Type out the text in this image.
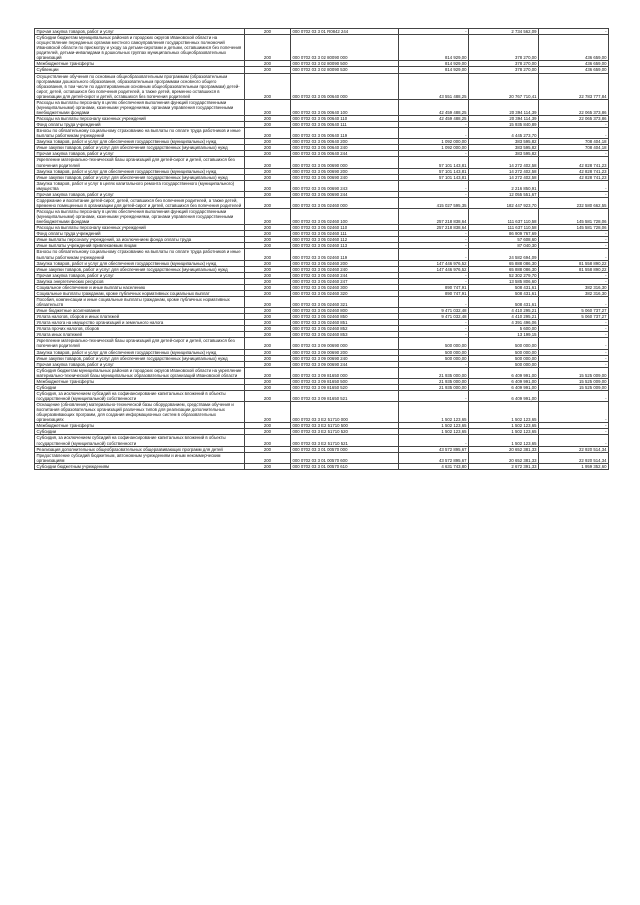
Прочая закупка товаров, работ и услуг	200	000 0702 03 3 01 R0842 244	-	2 734 562,09	-
Субсидии бюджетам муниципальных районов и городских округов Ивановской области на осуществление переданных органам местного самоуправления государственных полномочий Ивановской области по присмотру и уходу за детьми-сиротами и детьми, оставшимися без попечения родителей, детьми-инвалидами в дошкольных группах муниципальных общеобразовательных организаций	200	000 0702 03 3 02 80090 000	814 929,00	378 270,00	436 659,00
Межбюджетные трансферты	200	000 0702 03 3 02 80090 500	814 929,00	378 270,00	436 659,00
Субвенции	200	000 0702 03 3 02 80090 530	814 929,00	378 270,00	436 659,00
Осуществление обучения по основным общеобразовательным программам (образовательным программам дошкольного образования, образовательным программам основного общего образования, в том числе по адаптированным основным общеобразовательным программам) детей-сирот, детей, оставшихся без попечения родителей, а также детей, временно оставшихся в организации для детей-сирот и детей, оставшихся без попечения родителей	200	000 0702 03 3 05 00640 000	43 551 488,25	20 767 710,41	22 783 777,84
Расходы на выплаты персоналу в целях обеспечения выполнения функций государственными (муниципальными) органами, казенными учреждениями, органами управления государственными внебюджетными фондами	200	000 0702 03 3 05 00640 100	42 459 488,25	20 394 114,39	22 065 373,86
Расходы на выплаты персоналу казенных учреждений	200	000 0702 03 3 05 00640 110	42 459 488,25	20 394 114,39	22 065 373,86
Фонд оплаты труда учреждений	200	000 0702 03 3 05 00640 111	-	15 935 840,89	-
Взносы по обязательному социальному страхованию на выплаты по оплате труда работников и иные выплаты работникам учреждений	200	000 0702 03 3 05 00640 119	-	4 445 273,70	-
Закупка товаров, работ и услуг для обеспечения государственных (муниципальных) нужд	200	000 0702 03 3 05 00640 200	1 092 000,00	383 595,82	708 404,18
Иные закупки товаров, работ и услуг для обеспечения государственных (муниципальных) нужд	200	000 0702 03 3 05 00640 240	1 092 000,00	383 595,82	708 404,18
Прочая закупка товаров, работ и услуг	200	000 0702 03 3 05 00640 244	-	383 595,82	-
Укрепление материально-технической базы организаций для детей-сирот и детей, оставшихся без попечения родителей	200	000 0702 03 3 05 00690 000	57 101 143,81	14 272 402,58	42 828 741,23
Закупка товаров, работ и услуг для обеспечения государственных (муниципальных) нужд	200	000 0702 03 3 05 00690 200	57 101 143,81	14 272 402,58	42 828 741,23
Иные закупки товаров, работ и услуг для обеспечения государственных (муниципальных) нужд	200	000 0702 03 3 05 00690 240	57 101 143,81	14 272 402,58	42 828 741,23
Закупка товаров, работ и услуг в целях капитального ремонта государственного (муниципального) имущества	200	000 0702 03 3 05 00690 243	-	2 216 850,91	-
Прочая закупка товаров, работ и услуг	200	000 0702 03 3 05 00690 244	-	12 055 551,67	-
Содержание и воспитание детей-сирот, детей, оставшихся без попечения родителей, а также детей, временно помещенных в организации для детей-сирот и детей, оставшихся без попечения родителей	200	000 0702 03 3 05 02460 000	415 027 595,35	182 447 923,70	232 580 662,55
Расходы на выплаты персоналу в целях обеспечения выполнения функций государственными (муниципальными) органами, казенными учреждениями, органами управления государственными внебюджетными фондами	200	000 0702 03 3 05 02460 100	257 218 838,64	111 637 110,58	145 581 728,06
Расходы на выплаты персоналу казенных учреждений	200	000 0702 03 3 05 02460 110	257 218 838,64	111 637 110,58	145 581 728,06
Фонд оплаты труда учреждений	200	000 0702 03 3 05 02460 111	-	86 909 767,69	-
Иные выплаты персоналу учреждений, за исключением фонда оплаты труда	200	000 0702 03 3 05 02460 112	-	57 608,60	-
Иные выплаты учреждений привлекаемым лицам	200	000 0702 03 3 05 02460 113	-	87 040,30	-
Взносы по обязательному социальному страхованию на выплаты по оплате труда работников и иные выплаты работникам учреждений	200	000 0702 03 3 05 02460 119	-	24 582 694,09	-
Закупка товаров, работ и услуг для обеспечения государственных (муниципальных) нужд	200	000 0702 03 3 05 02460 200	147 446 976,52	65 888 086,30	81 558 890,22
Иные закупки товаров, работ и услуг для обеспечения государственных (муниципальных) нужд	200	000 0702 03 3 05 02460 240	147 446 976,52	65 888 086,30	81 558 890,22
Прочая закупка товаров, работ и услуг	200	000 0702 03 3 05 02460 244	-	52 302 279,70	-
Закупка энергетических ресурсов	200	000 0702 03 3 05 02460 247	-	13 585 806,60	-
Социальное обеспечение и иные выплаты населению	200	000 0702 03 3 05 02460 300	890 747,91	508 431,61	382 316,30
Социальные выплаты гражданам, кроме публичных нормативных социальных выплат	200	000 0702 03 3 05 02460 320	890 747,91	508 431,61	382 316,30
Пособия, компенсации и иные социальные выплаты гражданам, кроме публичных нормативных обязательств	200	000 0702 03 3 05 02460 321	-	508 431,61	-
Иные бюджетные ассигнования	200	000 0702 03 3 05 02460 800	9 471 032,48	4 410 295,21	5 060 737,27
Уплата налогов, сборов и иных платежей	200	000 0702 03 3 05 02460 850	9 471 032,48	4 410 295,21	5 060 737,27
Уплата налога на имущество организаций и земельного налога	200	000 0702 03 3 05 02460 851	-	4 391 496,06	-
Уплата прочих налогов, сборов	200	000 0702 03 3 05 02460 852	-	5 600,00	-
Уплата иных платежей	200	000 0702 03 3 05 02460 853	-	13 199,15	-
Укрепление материально-технической базы организаций для детей-сирот и детей, оставшихся без попечения родителей	200	000 0702 03 3 09 00690 000	500 000,00	500 000,00	-
Закупка товаров, работ и услуг для обеспечения государственных (муниципальных) нужд	200	000 0702 03 3 09 00690 200	500 000,00	500 000,00	-
Иные закупки товаров, работ и услуг для обеспечения государственных (муниципальных) нужд	200	000 0702 03 3 09 00690 240	500 000,00	500 000,00	-
Прочая закупка товаров, работ и услуг	200	000 0702 03 3 09 00690 244	-	500 000,00	-
Субсидия бюджетам муниципальных районов и городских округов Ивановской области на укрепление материально-технической базы муниципальных образовательных организаций Ивановской области	200	000 0702 03 3 09 81650 000	21 935 000,00	6 409 991,00	15 525 009,00
Межбюджетные трансферты	200	000 0702 03 3 09 81650 500	21 935 000,00	6 409 991,00	15 525 009,00
Субсидии	200	000 0702 03 3 09 81650 520	21 935 000,00	6 409 991,00	15 525 009,00
Субсидия, за исключением субсидий на софинансирование капитальных вложений в объекты государственной (муниципальной) собственности	200	000 0702 03 3 09 81650 521	-	6 409 991,00	-
Оснащение (обновление) материально-технической базы оборудованием, средствами обучения и воспитания образовательных организаций различных типов для реализации дополнительных общеразвивающих программ, для создания информационных систем в образовательных организациях	200	000 0702 03 3 E2 51710 000	1 502 123,65	1 502 123,65	-
Межбюджетные трансферты	200	000 0702 03 3 E2 51710 500	1 502 123,65	1 502 123,65	-
Субсидии	200	000 0702 03 3 E2 51710 520	1 502 123,65	1 502 123,65	-
Субсидия, за исключением субсидий на софинансирование капитальных вложений в объекты государственной (муниципальной) собственности	200	000 0702 03 3 E2 51710 521	-	1 502 123,65	-
Реализация дополнительных общеобразовательных общеразвивающих программ для детей	200	000 0702 03 3 01 00570 000	43 572 895,67	20 652 381,33	22 920 514,34
Предоставление субсидий бюджетным, автономным учреждениям и иным некоммерческим организациям	200	000 0702 03 3 01 00570 600	43 572 895,67	20 652 381,33	22 920 514,34
Субсидии бюджетным учреждениям	200	000 0702 03 3 01 00570 610	4 631 743,80	2 672 391,33	1 959 352,60
